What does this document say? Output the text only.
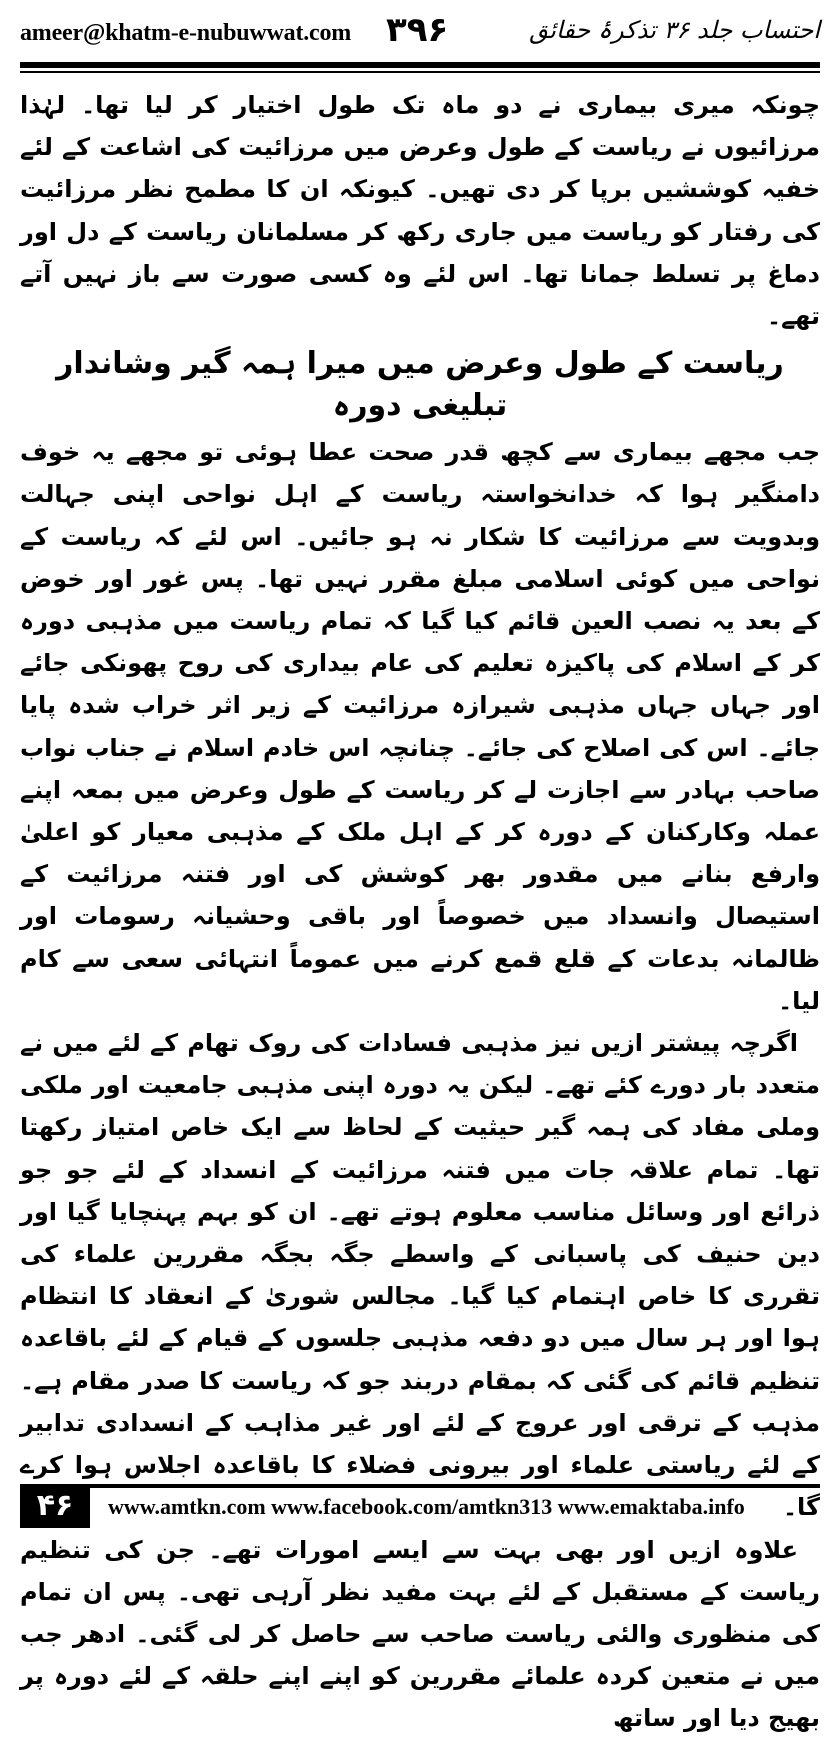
ameer@khatm-e-nubuwwat.com ۳۹۶	احتساب جلد ۳۶ تذکرۂ حقائق

چونکہ میری بیماری نے دو ماہ تک طول اختیار کر لیا تھا۔ لہٰذا مرزائیوں نے ریاست کے طول وعرض میں مرزائیت کی اشاعت کے لئے خفیہ کوششیں برپا کر دی تھیں۔ کیونکہ ان کا مطمح نظر مرزائیت کی رفتار کو ریاست میں جاری رکھ کر مسلمانان ریاست کے دل اور دماغ پر تسلط جمانا تھا۔ اس لئے وہ کسی صورت سے باز نہیں آتے تھے۔

ریاست کے طول وعرض میں میرا ہمہ گیر وشاندار تبلیغی دورہ

جب مجھے بیماری سے کچھ قدر صحت عطا ہوئی تو مجھے یہ خوف دامنگیر ہوا کہ خدانخواستہ ریاست کے اہل نواحی اپنی جہالت وبدویت سے مرزائیت کا شکار نہ ہو جائیں۔ اس لئے کہ ریاست کے نواحی میں کوئی اسلامی مبلغ مقرر نہیں تھا۔ پس غور اور خوض کے بعد یہ نصب العین قائم کیا گیا کہ تمام ریاست میں مذہبی دورہ کر کے اسلام کی پاکیزہ تعلیم کی عام بیداری کی روح پھونکی جائے اور جہاں جہاں مذہبی شیرازہ مرزائیت کے زیر اثر خراب شدہ پایا جائے۔ اس کی اصلاح کی جائے۔ چنانچہ اس خادم اسلام نے جناب نواب صاحب بہادر سے اجازت لے کر ریاست کے طول وعرض میں بمعہ اپنے عملہ وکارکنان کے دورہ کر کے اہل ملک کے مذہبی معیار کو اعلیٰ وارفع بنانے میں مقدور بھر کوشش کی اور فتنہ مرزائیت کے استیصال وانسداد میں خصوصاً اور باقی وحشیانہ رسومات اور ظالمانہ بدعات کے قلع قمع کرنے میں عموماً انتہائی سعی سے کام لیا۔

اگرچہ پیشتر ازیں نیز مذہبی فسادات کی روک تھام کے لئے میں نے متعدد بار دورے کئے تھے۔ لیکن یہ دورہ اپنی مذہبی جامعیت اور ملکی وملی مفاد کی ہمہ گیر حیثیت کے لحاظ سے ایک خاص امتیاز رکھتا تھا۔ تمام علاقہ جات میں فتنہ مرزائیت کے انسداد کے لئے جو جو ذرائع اور وسائل مناسب معلوم ہوتے تھے۔ ان کو بہم پہنچایا گیا اور دین حنیف کی پاسبانی کے واسطے جگہ بجگہ مقررین علماء کی تقرری کا خاص اہتمام کیا گیا۔ مجالس شوریٰ کے انعقاد کا انتظام ہوا اور ہر سال میں دو دفعہ مذہبی جلسوں کے قیام کے لئے باقاعدہ تنظیم قائم کی گئی کہ بمقام دربند جو کہ ریاست کا صدر مقام ہے۔ مذہب کے ترقی اور عروج کے لئے اور غیر مذاہب کے انسدادی تدابیر کے لئے ریاستی علماء اور بیرونی فضلاء کا باقاعدہ اجلاس ہوا کرے گا۔

علاوہ ازیں اور بھی بہت سے ایسے امورات تھے۔ جن کی تنظیم ریاست کے مستقبل کے لئے بہت مفید نظر آرہی تھی۔ پس ان تمام کی منظوری والئی ریاست صاحب سے حاصل کر لی گئی۔ ادھر جب میں نے متعین کردہ علمائے مقررین کو اپنے اپنے حلقہ کے لئے دورہ پر بھیج دیا اور ساتھ

۴۶	www.amtkn.com www.facebook.com/amtkn313 www.emaktaba.info
